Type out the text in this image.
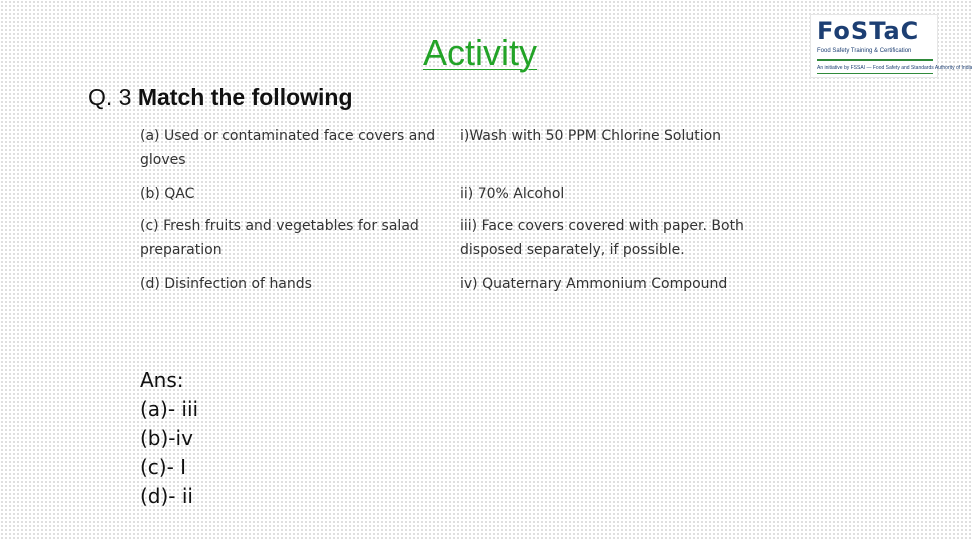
Activity
FoSTaC
Food Safety Training & Certification
An initiative by FSSAI — Food Safety and Standards Authority of India
Q. 3 Match the following
(a) Used or contaminated face covers and gloves
i)Wash with 50 PPM Chlorine Solution
(b) QAC	ii) 70% Alcohol
(c) Fresh fruits and vegetables for salad preparation
iii) Face covers covered with paper. Both disposed separately, if possible.
(d) Disinfection of hands	iv) Quaternary Ammonium Compound
Ans:
(a)- iii
(b)-iv
(c)- I
(d)- ii
